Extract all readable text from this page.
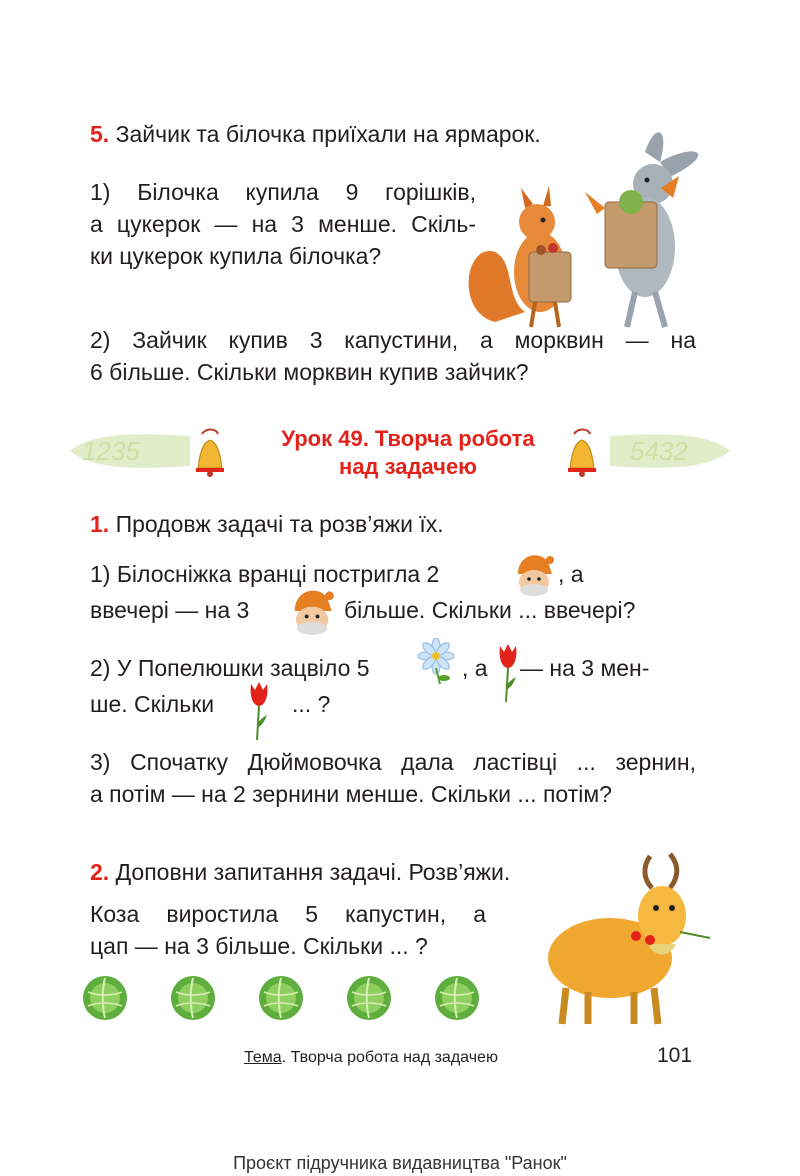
5. Зайчик та білочка приїхали на ярмарок.
1) Білочка купила 9 горішків,
а цукерок — на 3 менше. Скіль-
ки цукерок купила білочка?
2) Зайчик купив 3 капустини, а морквин — на
6 більше. Скільки морквин купив зайчик?
1235	5432
Урок 49. Творча робота
над задачею
1. Продовж задачі та розв’яжи їх.
1) Білосніжка вранці постригла 2	, а
ввечері — на 3	більше. Скільки ... ввечері?
2) У Попелюшки зацвіло 5	, а — на 3 мен-
ше. Скільки	... ?
3) Спочатку Дюймовочка дала ластівці ... зернин,
а потім — на 2 зернини менше. Скільки ... потім?
2. Доповни запитання задачі. Розв’яжи.
Коза виростила 5 капустин, а
цап — на 3 більше. Скільки ... ?
Тема. Творча робота над задачею	101
Проєкт підручника видавництва "Ранок"
